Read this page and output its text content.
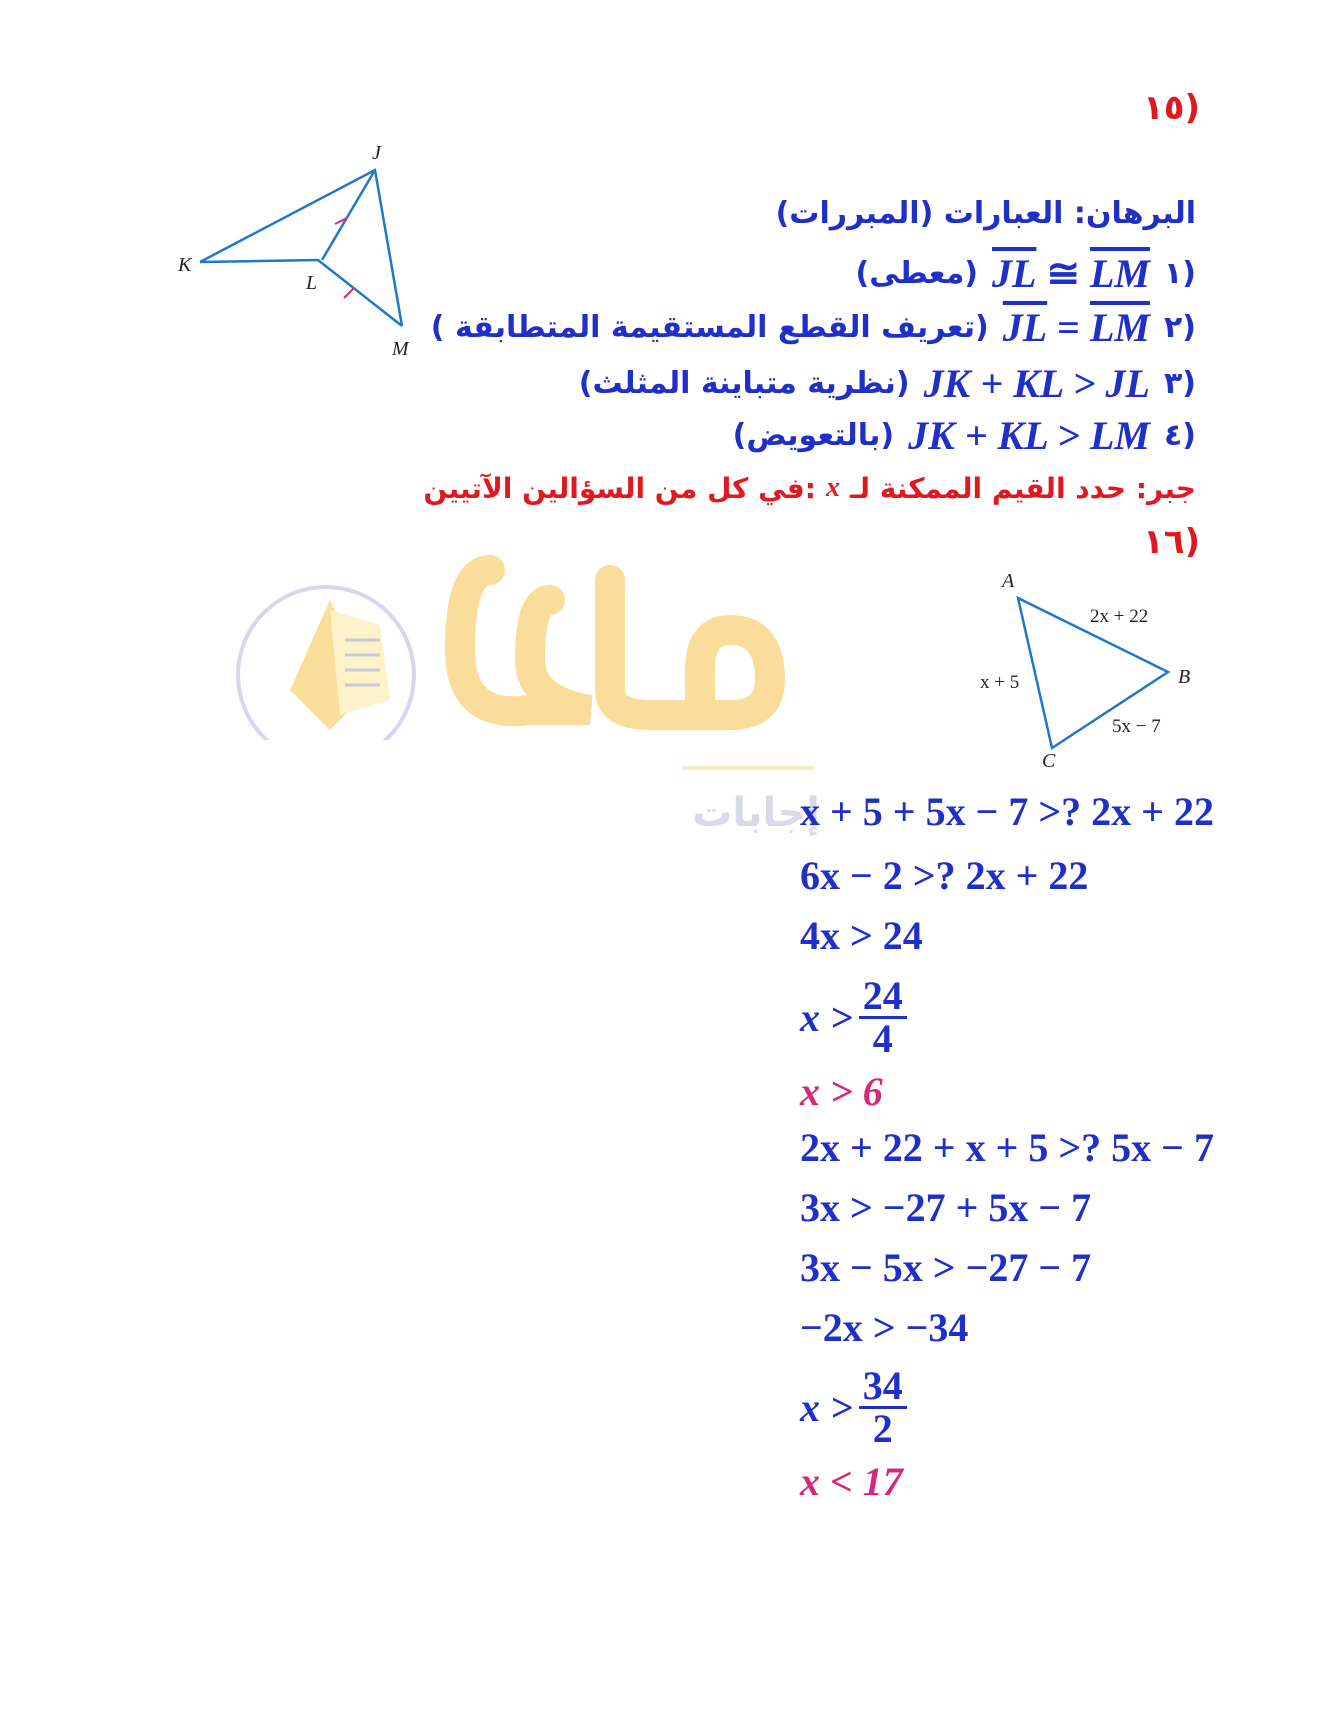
إجابات
(١٥
J
K
L
M
البرهان: العبارات (المبررات)
١)
$\overline{JL}$ ≅ $\overline{LM}$
(معطى)
٢)
$\overline{JL} = \overline{LM}$
( تعريف القطع المستقيمة المتطابقة)
٣)
JK + KL > JL
(نظرية متباينة المثلث)
٤)
JK + KL > LM
(بالتعويض)
جبر: حدد القيم الممكنة لـ
x
في كل من السؤالين الآتيين:
(١٦
A
B
C
2x + 22
x + 5
5x − 7
x + 5 + 5x − 7 >? 2x + 22
6x − 2 >? 2x + 22
4x > 24
$x > \frac{24}{4}$
x > 6
2x + 22 + x + 5 >? 5x − 7
3x > −27 + 5x − 7
3x − 5x > −27 − 7
−2x > −34
$x > \frac{34}{2}$
x < 17
